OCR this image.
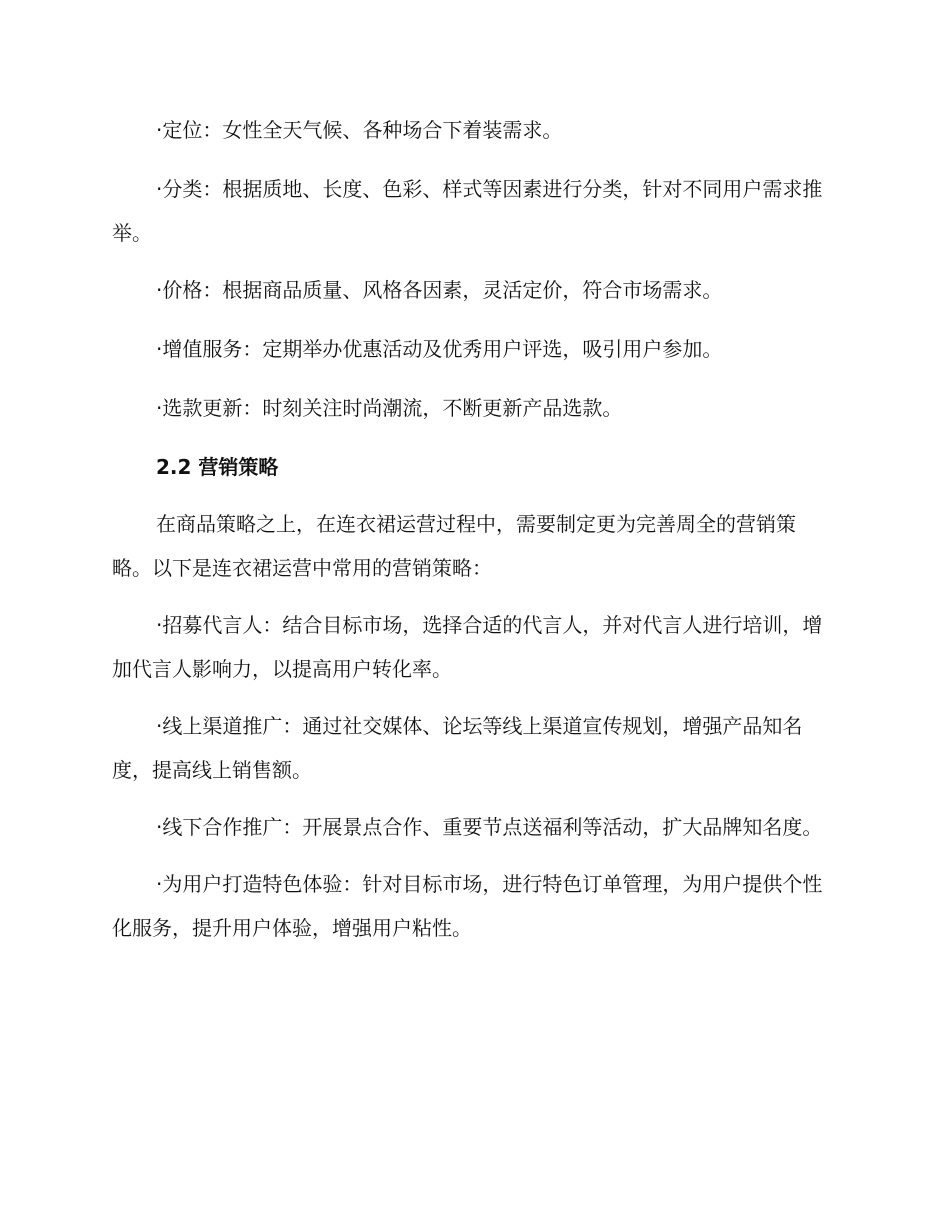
·定位：女性全天气候、各种场合下着装需求。

·分类：根据质地、长度、色彩、样式等因素进行分类，针对不同用户需求推举。

·价格：根据商品质量、风格各因素，灵活定价，符合市场需求。

·增值服务：定期举办优惠活动及优秀用户评选，吸引用户参加。

·选款更新：时刻关注时尚潮流，不断更新产品选款。

2.2 营销策略

在商品策略之上，在连衣裙运营过程中，需要制定更为完善周全的营销策略。以下是连衣裙运营中常用的营销策略：

·招募代言人：结合目标市场，选择合适的代言人，并对代言人进行培训，增加代言人影响力，以提高用户转化率。

·线上渠道推广：通过社交媒体、论坛等线上渠道宣传规划，增强产品知名度，提高线上销售额。

·线下合作推广：开展景点合作、重要节点送福利等活动，扩大品牌知名度。

·为用户打造特色体验：针对目标市场，进行特色订单管理，为用户提供个性化服务，提升用户体验，增强用户粘性。
